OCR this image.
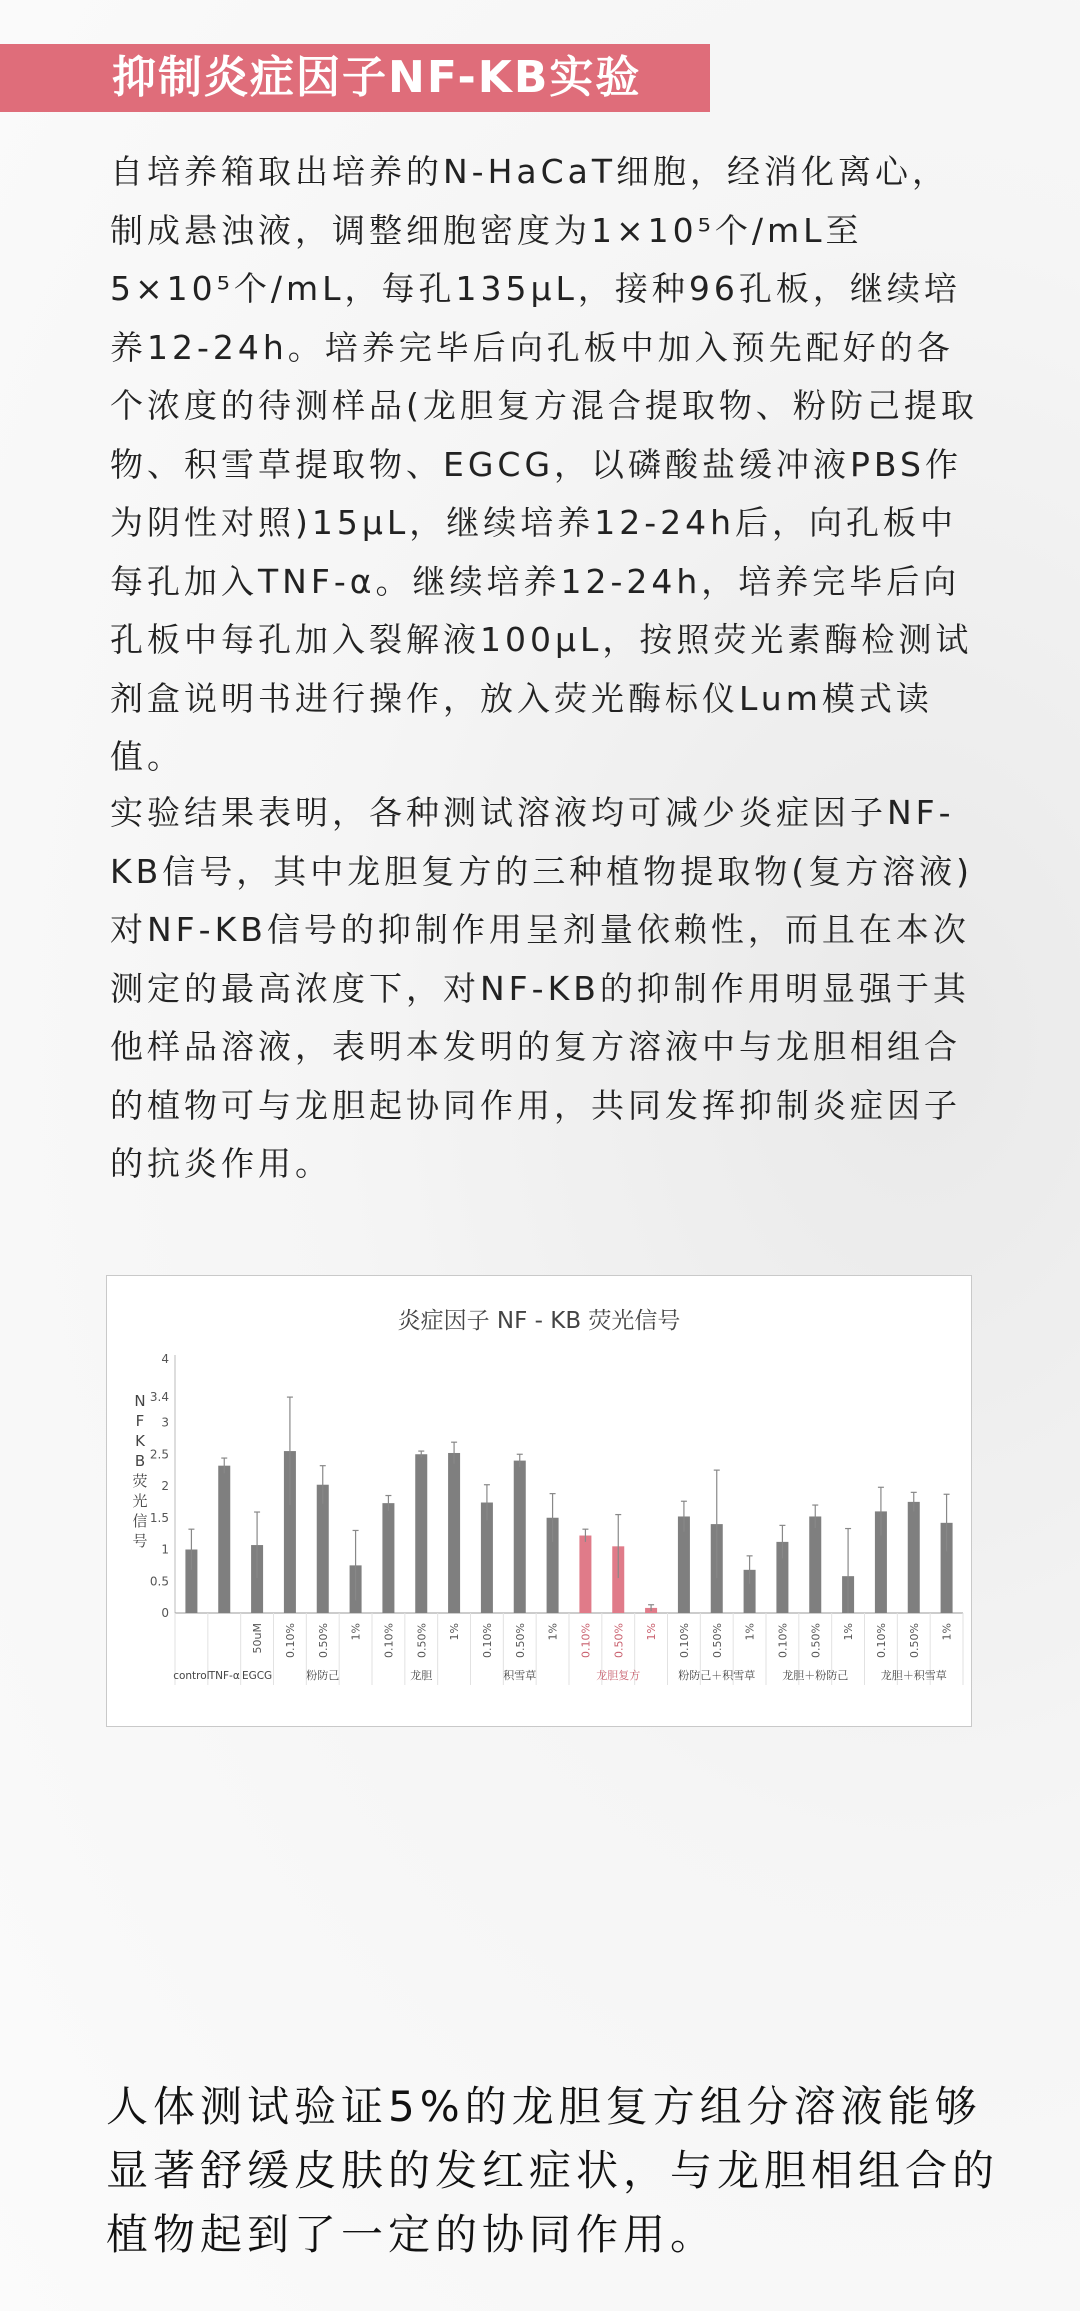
抑制炎症因子NF-KB实验
自培养箱取出培养的N-HaCaT细胞，经消化离心，制成悬浊液，调整细胞密度为1×10⁵个/mL至5×10⁵个/mL，每孔135μL，接种96孔板，继续培养12-24h。培养完毕后向孔板中加入预先配好的各个浓度的待测样品(龙胆复方混合提取物、粉防己提取物、积雪草提取物、EGCG，以磷酸盐缓冲液PBS作为阴性对照)15μL，继续培养12-24h后，向孔板中每孔加入TNF-α。继续培养12-24h，培养完毕后向孔板中每孔加入裂解液100μL，按照荧光素酶检测试剂盒说明书进行操作，放入荧光酶标仪Lum模式读值。
实验结果表明，各种测试溶液均可减少炎症因子NF-KB信号，其中龙胆复方的三种植物提取物(复方溶液)对NF-KB信号的抑制作用呈剂量依赖性，而且在本次测定的最高浓度下，对NF-KB的抑制作用明显强于其他样品溶液，表明本发明的复方溶液中与龙胆相组合的植物可与龙胆起协同作用，共同发挥抑制炎症因子的抗炎作用。
炎症因子 NF - KB 荧光信号
N
F
K
B
荧
光
信
号
0
0.5
1
1.5
2
2.5
3
3.4
4
50uM 0.10% 0.50% 1% 0.10% 0.50% 1% 0.10% 0.50% 1% 0.10% 0.50% 1% 0.10% 0.50% 1% 0.10% 0.50% 1% 0.10% 0.50% 1%
control TNF-α EGCG	粉防己	龙胆	积雪草	龙胆复方	粉防己＋积雪草 龙胆＋粉防己	龙胆＋积雪草
人体测试验证5%的龙胆复方组分溶液能够显著舒缓皮肤的发红症状，与龙胆相组合的植物起到了一定的协同作用。
